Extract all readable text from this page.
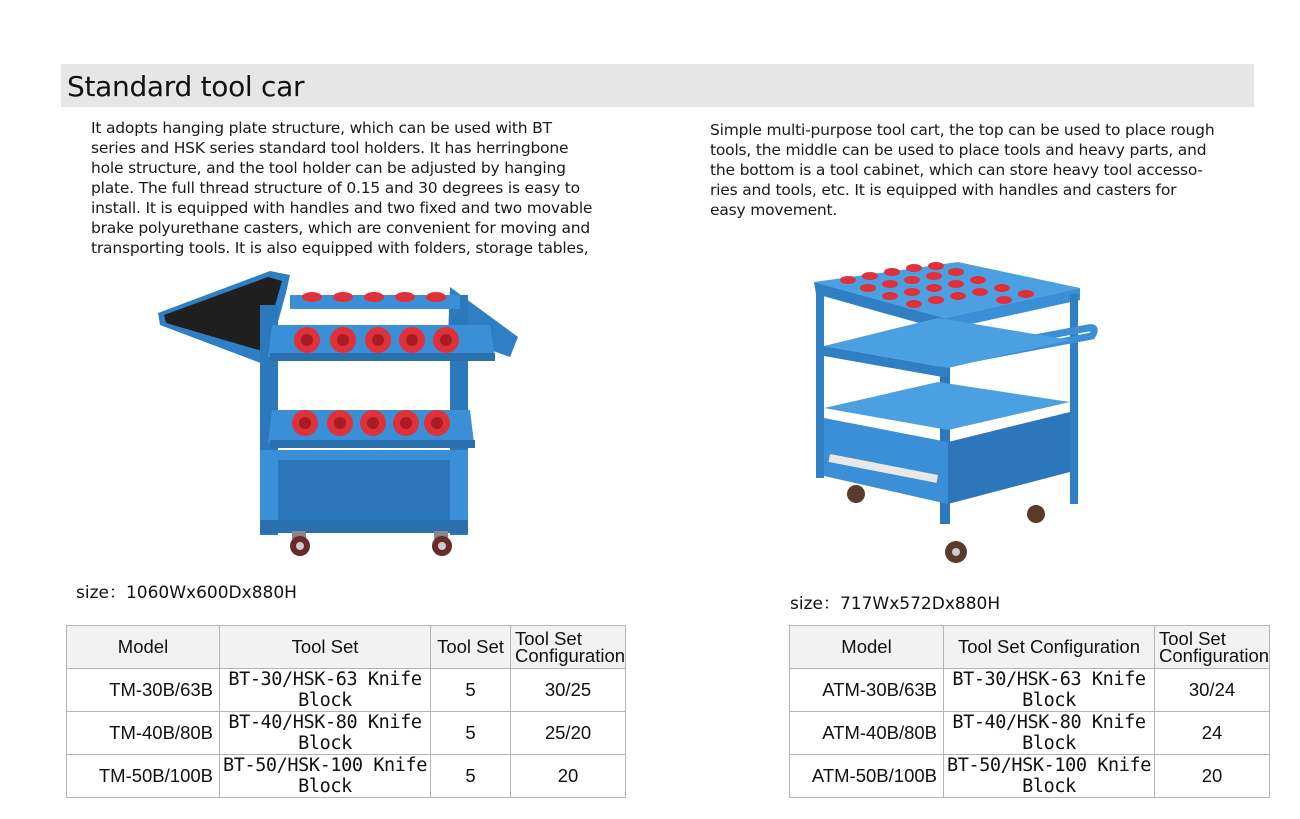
Standard tool car
It adopts hanging plate structure, which can be used with BT series and HSK series standard tool holders. It has herringbone hole structure, and the tool holder can be adjusted by hanging plate. The full thread structure of 0.15 and 30 degrees is easy to install. It is equipped with handles and two fixed and two movable brake polyurethane casters, which are convenient for moving and transporting tools. It is also equipped with folders, storage tables,
Simple multi-purpose tool cart, the top can be used to place rough tools, the middle can be used to place tools and heavy parts, and the bottom is a tool cabinet, which can store heavy tool accesso- ries and tools, etc. It is equipped with handles and casters for easy movement.
size：1060Wx600Dx880H
size：717Wx572Dx880H
Model	Tool Set	Tool Set	Tool Set Configuration
TM-30B/63B	BT-30/HSK-63 Knife Block	5	30/25
TM-40B/80B	BT-40/HSK-80 Knife Block	5	25/20
TM-50B/100B	BT-50/HSK-100 Knife Block	5	20
Model	Tool Set Configuration	Tool Set Configuration
ATM-30B/63B	BT-30/HSK-63 Knife Block	30/24
ATM-40B/80B	BT-40/HSK-80 Knife Block	24
ATM-50B/100B	BT-50/HSK-100 Knife Block	20
